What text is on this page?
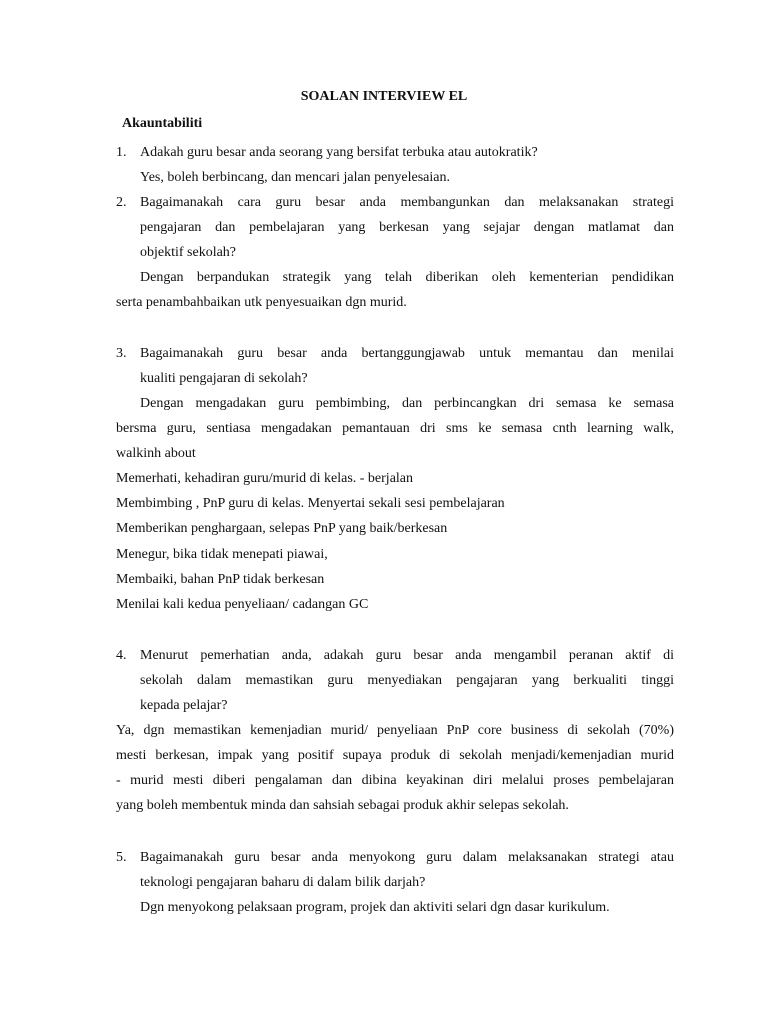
SOALAN INTERVIEW EL

Akauntabiliti

1. Adakah guru besar anda seorang yang bersifat terbuka atau autokratik?

Yes, boleh berbincang, dan mencari jalan penyelesaian.

2. Bagaimanakah cara guru besar anda membangunkan dan melaksanakan strategi

pengajaran dan pembelajaran yang berkesan yang sejajar dengan matlamat dan

objektif sekolah?

Dengan berpandukan strategik yang telah diberikan oleh kementerian pendidikan

serta penambahbaikan utk penyesuaikan dgn murid.

3. Bagaimanakah guru besar anda bertanggungjawab untuk memantau dan menilai

kualiti pengajaran di sekolah?

Dengan mengadakan guru pembimbing, dan perbincangkan dri semasa ke semasa

bersma guru, sentiasa mengadakan pemantauan dri sms ke semasa cnth learning walk,

walkinh about

Memerhati, kehadiran guru/murid di kelas. - berjalan

Membimbing , PnP guru di kelas. Menyertai sekali sesi pembelajaran

Memberikan penghargaan, selepas PnP yang baik/berkesan

Menegur, bika tidak menepati piawai,

Membaiki, bahan PnP tidak berkesan

Menilai kali kedua penyeliaan/ cadangan GC

4. Menurut pemerhatian anda, adakah guru besar anda mengambil peranan aktif di

sekolah dalam memastikan guru menyediakan pengajaran yang berkualiti tinggi

kepada pelajar?

Ya, dgn memastikan kemenjadian murid/ penyeliaan PnP core business di sekolah (70%)

mesti berkesan, impak yang positif supaya produk di sekolah menjadi/kemenjadian murid

- murid mesti diberi pengalaman dan dibina keyakinan diri melalui proses pembelajaran

yang boleh membentuk minda dan sahsiah sebagai produk akhir selepas sekolah.

5. Bagaimanakah guru besar anda menyokong guru dalam melaksanakan strategi atau

teknologi pengajaran baharu di dalam bilik darjah?

Dgn menyokong pelaksaan program, projek dan aktiviti selari dgn dasar kurikulum.
